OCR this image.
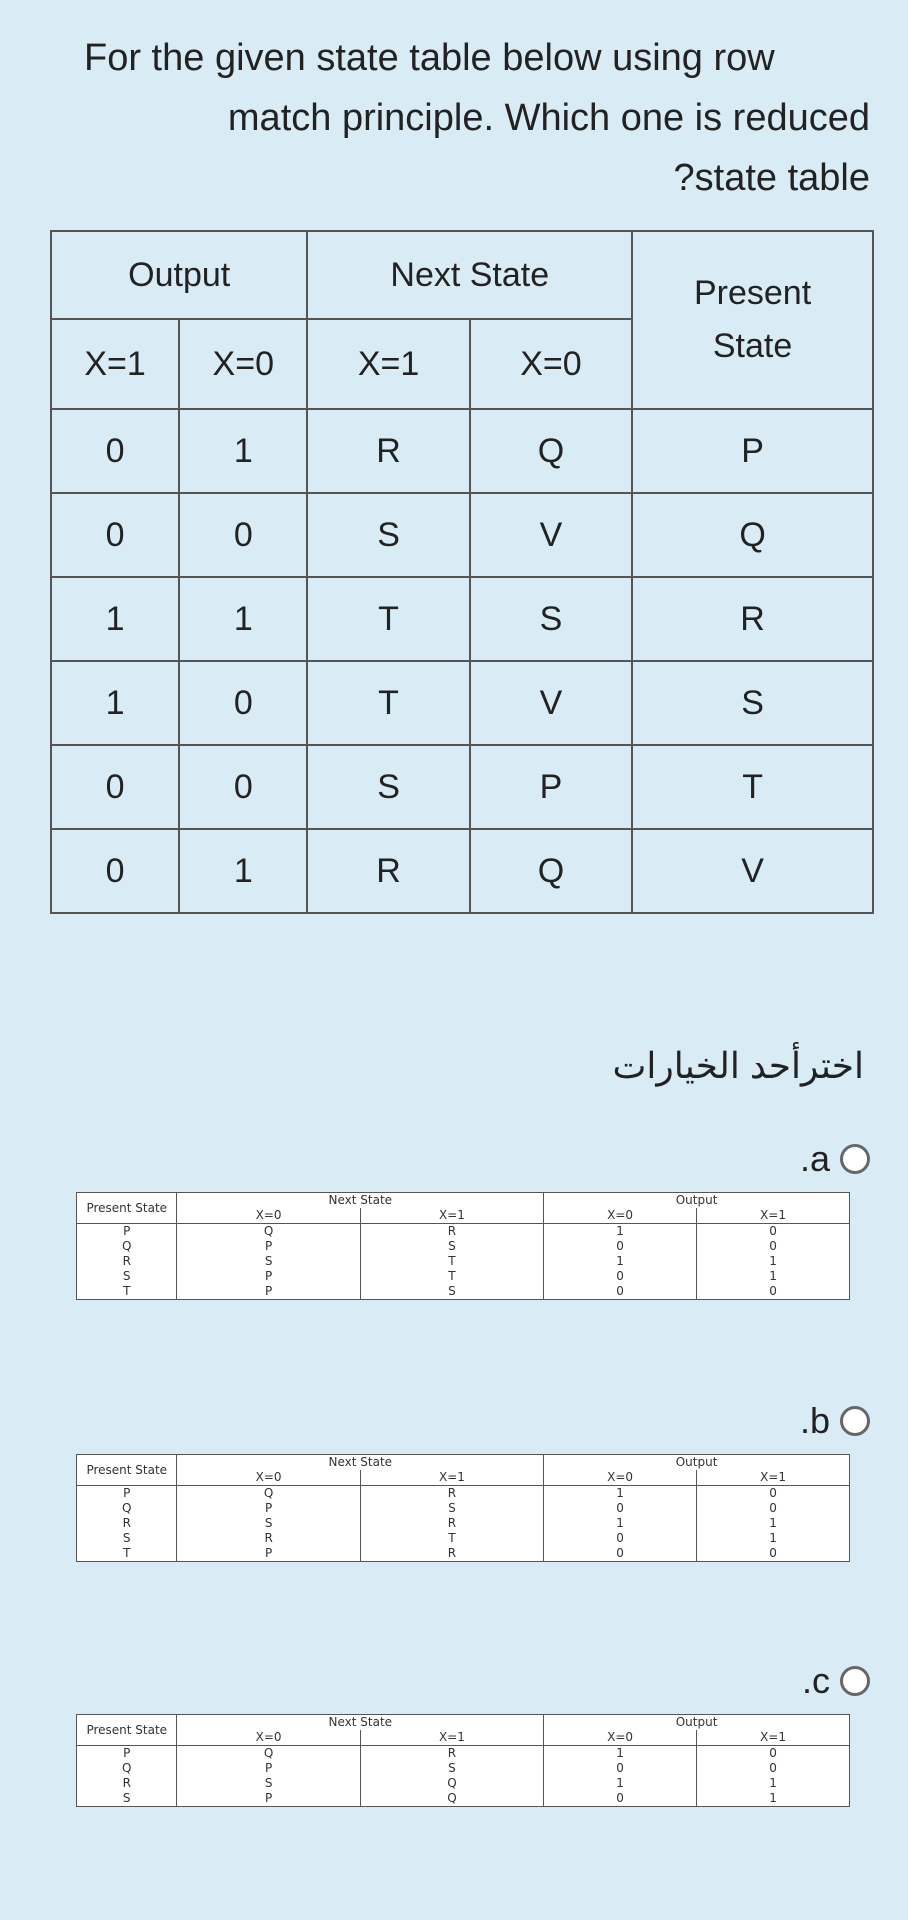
For the given state table below using row
match principle. Which one is reduced
?state table
Output		Next State		Present
State

X=1	X=0	X=1	X=0	
0	1	R	Q	P
0	0	S	V	Q
1	1	T	S	R
1	0	T	V	S
0	0	S	P	T
0	1	R	Q	V
اخترأحد الخيارات
.a
Present State	Next State		Output	
	X=0	X=1	X=0	X=1
P	Q	R	1	0
Q	P	S	0	0
R	S	T	1	1
S	P	T	0	1
T	P	S	0	0
.b
Present State	Next State		Output	
	X=0	X=1	X=0	X=1
P	Q	R	1	0
Q	P	S	0	0
R	S	R	1	1
S	R	T	0	1
T	P	R	0	0
.c
Present State	Next State		Output	
	X=0	X=1	X=0	X=1
P	Q	R	1	0
Q	P	S	0	0
R	S	Q	1	1
S	P	Q	0	1
